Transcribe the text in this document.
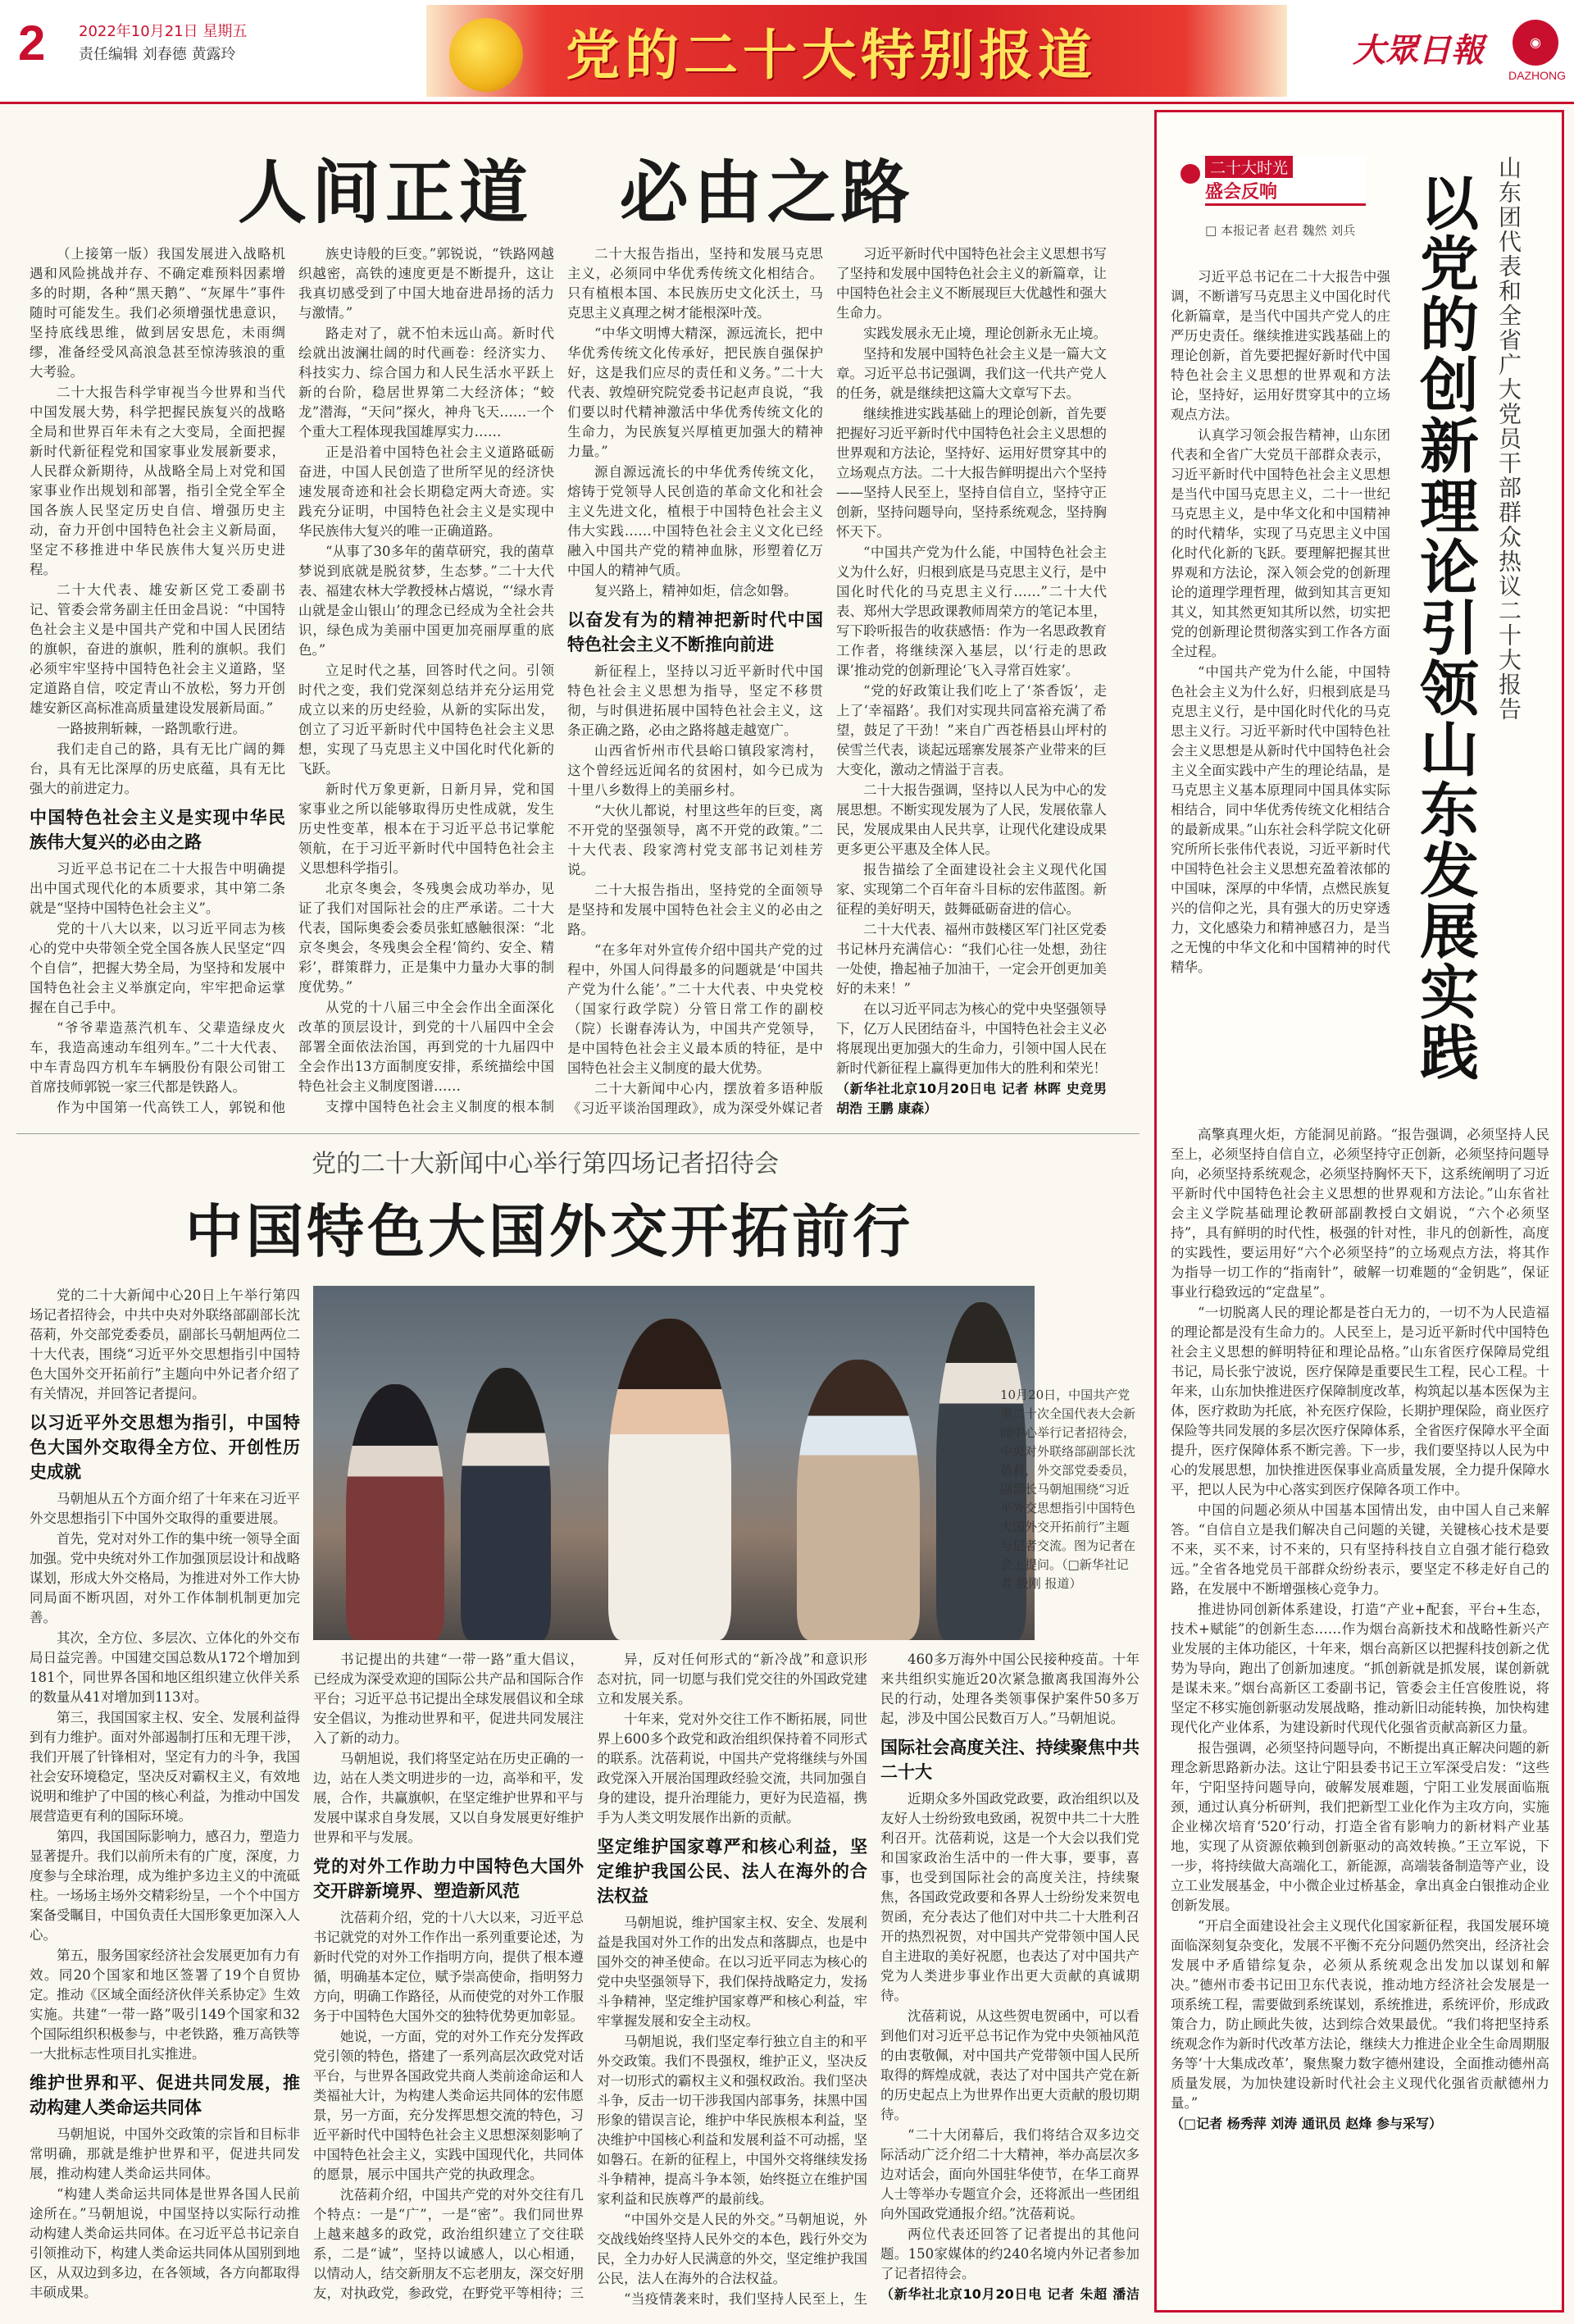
2 2022年10月21日 星期五
责任编辑 刘春德 黄露玲	党的二十大特别报道	大眾日報	◉
DAZHONG
人间正道   必由之路

（上接第一版）我国发展进入战略机遇和风险挑战并存、不确定难预料因素增多的时期，各种“黑天鹅”、“灰犀牛”事件随时可能发生。我们必须增强忧患意识，坚持底线思维，做到居安思危，未雨绸缪，准备经受风高浪急甚至惊涛骇浪的重大考验。

二十大报告科学审视当今世界和当代中国发展大势，科学把握民族复兴的战略全局和世界百年未有之大变局，全面把握新时代新征程党和国家事业发展新要求，人民群众新期待，从战略全局上对党和国家事业作出规划和部署，指引全党全军全国各族人民坚定历史自信、增强历史主动，奋力开创中国特色社会主义新局面，坚定不移推进中华民族伟大复兴历史进程。

二十大代表、雄安新区党工委副书记、管委会常务副主任田金昌说：“中国特色社会主义是中国共产党和中国人民团结的旗帜，奋进的旗帜，胜利的旗帜。我们必须牢牢坚持中国特色社会主义道路，坚定道路自信，咬定青山不放松，努力开创雄安新区高标准高质量建设发展新局面。”

一路披荆斩棘，一路凯歌行进。

我们走自己的路，具有无比广阔的舞台，具有无比深厚的历史底蕴，具有无比强大的前进定力。

中国特色社会主义是实现中华民族伟大复兴的必由之路

习近平总书记在二十大报告中明确提出中国式现代化的本质要求，其中第二条就是“坚持中国特色社会主义”。

党的十八大以来，以习近平同志为核心的党中央带领全党全国各族人民坚定“四个自信”，把握大势全局，为坚持和发展中国特色社会主义举旗定向，牢牢把命运掌握在自己手中。

“爷爷辈造蒸汽机车、父辈造绿皮火车，我造高速动车组列车。”二十大代表、中车青岛四方机车车辆股份有限公司钳工首席技师郭锐一家三代都是铁路人。

作为中国第一代高铁工人，郭锐和他

族史诗般的巨变。”郭锐说，“铁路网越织越密，高铁的速度更是不断提升，这让我真切感受到了中国大地奋进昂扬的活力与激情。”

路走对了，就不怕未远山高。新时代绘就出波澜壮阔的时代画卷：经济实力、科技实力、综合国力和人民生活水平跃上新的台阶，稳居世界第二大经济体；“蛟龙”潜海，“天问”探火，神舟飞天……一个个重大工程体现我国雄厚实力……

正是沿着中国特色社会主义道路砥砺奋进，中国人民创造了世所罕见的经济快速发展奇迹和社会长期稳定两大奇迹。实践充分证明，中国特色社会主义是实现中华民族伟大复兴的唯一正确道路。

“从事了30多年的菌草研究，我的菌草梦说到底就是脱贫梦，生态梦。”二十大代表、福建农林大学教授林占熺说，“‘绿水青山就是金山银山’的理念已经成为全社会共识，绿色成为美丽中国更加亮丽厚重的底色。”

立足时代之基，回答时代之问。引领时代之变，我们党深刻总结并充分运用党成立以来的历史经验，从新的实际出发，创立了习近平新时代中国特色社会主义思想，实现了马克思主义中国化时代化新的飞跃。

新时代万象更新，日新月异，党和国家事业之所以能够取得历史性成就，发生历史性变革，根本在于习近平总书记掌舵领航，在于习近平新时代中国特色社会主义思想科学指引。

北京冬奥会，冬残奥会成功举办，见证了我们对国际社会的庄严承诺。二十大代表，国际奥委会委员张虹感触很深：“北京冬奥会，冬残奥会全程‘简约、安全、精彩’，群策群力，正是集中力量办大事的制度优势。”

从党的十八届三中全会作出全面深化改革的顶层设计，到党的十八届四中全会部署全面依法治国，再到党的十九届四中全会作出13方面制度安排，系统描绘中国特色社会主义制度图谱……

支撑中国特色社会主义制度的根本制

二十大报告指出，坚持和发展马克思主义，必须同中华优秀传统文化相结合。只有植根本国、本民族历史文化沃土，马克思主义真理之树才能根深叶茂。

“中华文明博大精深，源远流长，把中华优秀传统文化传承好，把民族自强保护好，这是我们应尽的责任和义务。”二十大代表、敦煌研究院党委书记赵声良说，“我们要以时代精神激活中华优秀传统文化的生命力，为民族复兴厚植更加强大的精神力量。”

源自源远流长的中华优秀传统文化，熔铸于党领导人民创造的革命文化和社会主义先进文化，植根于中国特色社会主义伟大实践……中国特色社会主义文化已经融入中国共产党的精神血脉，形塑着亿万中国人的精神气质。

复兴路上，精神如炬，信念如磐。

以奋发有为的精神把新时代中国特色社会主义不断推向前进

新征程上，坚持以习近平新时代中国特色社会主义思想为指导，坚定不移贯彻，与时俱进拓展中国特色社会主义，这条正确之路，必由之路将越走越宽广。

山西省忻州市代县峪口镇段家湾村，这个曾经远近闻名的贫困村，如今已成为十里八乡数得上的美丽乡村。

“大伙儿都说，村里这些年的巨变，离不开党的坚强领导，离不开党的政策。”二十大代表、段家湾村党支部书记刘桂芳说。

二十大报告指出，坚持党的全面领导是坚持和发展中国特色社会主义的必由之路。

“在多年对外宣传介绍中国共产党的过程中，外国人问得最多的问题就是‘中国共产党为什么能’。”二十大代表、中央党校（国家行政学院）分管日常工作的副校（院）长谢春涛认为，中国共产党领导，是中国特色社会主义最本质的特征，是中国特色社会主义制度的最大优势。

二十大新闻中心内，摆放着多语种版《习近平谈治国理政》，成为深受外媒记者

习近平新时代中国特色社会主义思想书写了坚持和发展中国特色社会主义的新篇章，让中国特色社会主义不断展现巨大优越性和强大生命力。

实践发展永无止境，理论创新永无止境。

坚持和发展中国特色社会主义是一篇大文章。习近平总书记强调，我们这一代共产党人的任务，就是继续把这篇大文章写下去。

继续推进实践基础上的理论创新，首先要把握好习近平新时代中国特色社会主义思想的世界观和方法论，坚持好、运用好贯穿其中的立场观点方法。二十大报告鲜明提出六个坚持——坚持人民至上，坚持自信自立，坚持守正创新，坚持问题导向，坚持系统观念，坚持胸怀天下。

“中国共产党为什么能，中国特色社会主义为什么好，归根到底是马克思主义行，是中国化时代化的马克思主义行……”二十大代表、郑州大学思政课教师周荣方的笔记本里，写下聆听报告的收获感悟：作为一名思政教育工作者，将继续深入基层，以‘行走的思政课’推动党的创新理论‘飞入寻常百姓家’。

“党的好政策让我们吃上了‘茶香饭’，走上了‘幸福路’。我们对实现共同富裕充满了希望，鼓足了干劲！”来自广西苍梧县山坪村的侯雪兰代表，谈起远瑶寨发展茶产业带来的巨大变化，激动之情溢于言表。

二十大报告强调，坚持以人民为中心的发展思想。不断实现发展为了人民，发展依靠人民，发展成果由人民共享，让现代化建设成果更多更公平惠及全体人民。

报告描绘了全面建设社会主义现代化国家、实现第二个百年奋斗目标的宏伟蓝图。新征程的美好明天，鼓舞砥砺奋进的信心。

二十大代表、福州市鼓楼区军门社区党委书记林丹充满信心：“我们心往一处想，劲往一处使，撸起袖子加油干，一定会开创更加美好的未来！”

在以习近平同志为核心的党中央坚强领导下，亿万人民团结奋斗，中国特色社会主义必将展现出更加强大的生命力，引领中国人民在新时代新征程上赢得更加伟大的胜利和荣光！

（新华社北京10月20日电 记者 林晖 史竞男 胡浩 王鹏 康森）
党的二十大新闻中心举行第四场记者招待会
中国特色大国外交开拓前行

党的二十大新闻中心20日上午举行第四场记者招待会，中共中央对外联络部副部长沈蓓莉，外交部党委委员，副部长马朝旭两位二十大代表，围绕“习近平外交思想指引中国特色大国外交开拓前行”主题向中外记者介绍了有关情况，并回答记者提问。

以习近平外交思想为指引，中国特色大国外交取得全方位、开创性历史成就

马朝旭从五个方面介绍了十年来在习近平外交思想指引下中国外交取得的重要进展。

首先，党对对外工作的集中统一领导全面加强。党中央统对外工作加强顶层设计和战略谋划，形成大外交格局，为推进对外工作大协同局面不断巩固，对外工作体制机制更加完善。

其次，全方位、多层次、立体化的外交布局日益完善。中国建交国总数从172个增加到181个，同世界各国和地区组织建立伙伴关系的数量从41对增加到113对。

第三，我国国家主权、安全、发展利益得到有力维护。面对外部遏制打压和无理干涉，我们开展了针锋相对，坚定有力的斗争，我国社会安环境稳定，坚决反对霸权主义，有效地说明和维护了中国的核心利益，为推动中国发展营造更有利的国际环境。

第四，我国国际影响力，感召力，塑造力显著提升。我们以前所未有的广度，深度，力度参与全球治理，成为维护多边主义的中流砥柱。一场场主场外交精彩纷呈，一个个中国方案备受瞩目，中国负责任大国形象更加深入人心。

第五，服务国家经济社会发展更加有力有效。同20个国家和地区签署了19个自贸协定。推动《区域全面经济伙伴关系协定》生效实施。共建“一带一路”吸引149个国家和32个国际组织积极参与，中老铁路，雅万高铁等一大批标志性项目扎实推进。

维护世界和平、促进共同发展，推动构建人类命运共同体

马朝旭说，中国外交政策的宗旨和目标非常明确，那就是维护世界和平，促进共同发展，推动构建人类命运共同体。

“构建人类命运共同体是世界各国人民前途所在。”马朝旭说，中国坚持以实际行动推动构建人类命运共同体。在习近平总书记亲自引领推动下，构建人类命运共同体从国别到地区，从双边到多边，在各领域，各方向都取得丰硕成果。

10月20日，中国共产党第二十次全国代表大会新闻中心举行记者招待会，中央对外联络部副部长沈蓓莉，外交部党委委员，副部长马朝旭围绕“习近平外交思想指引中国特色大国外交开拓前行”主题与记者交流。图为记者在会上提问。（□新华社记者 殷刚 报道）

书记提出的共建“一带一路”重大倡议，已经成为深受欢迎的国际公共产品和国际合作平台；习近平总书记提出全球发展倡议和全球安全倡议，为推动世界和平，促进共同发展注入了新的动力。

马朝旭说，我们将坚定站在历史正确的一边，站在人类文明进步的一边，高举和平，发展，合作，共赢旗帜，在坚定维护世界和平与发展中谋求自身发展，又以自身发展更好维护世界和平与发展。

党的对外工作助力中国特色大国外交开辟新境界、塑造新风范

沈蓓莉介绍，党的十八大以来，习近平总书记就党的对外工作作出一系列重要论述，为新时代党的对外工作指明方向，提供了根本遵循，明确基本定位，赋予崇高使命，指明努力方向，明确工作路径，从而使党的对外工作服务于中国特色大国外交的独特优势更加彰显。

她说，一方面，党的对外工作充分发挥政党引领的特色，搭建了一系列高层次政党对话平台，与世界各国政党共商人类前途命运和人类福祉大计，为构建人类命运共同体的宏伟愿景，另一方面，充分发挥思想交流的特色，习近平新时代中国特色社会主义思想深刻影响了中国特色社会主义，实践中国现代化，共同体的愿景，展示中国共产党的执政理念。

沈蓓莉介绍，中国共产党的对外交往有几个特点：一是“广”，一是“密”。我们同世界上越来越多的政党，政治组织建立了交往联系，二是“诚”，坚持以诚感人，以心相通，以情动人，结交新朋友不忘老朋友，深交好朋友，对执政党，参政党，在野党平等相待；三

异，反对任何形式的“新冷战”和意识形态对抗，同一切愿与我们党交往的外国政党建立和发展关系。

十年来，党对外交往工作不断拓展，同世界上600多个政党和政治组织保持着不同形式的联系。沈蓓莉说，中国共产党将继续与外国政党深入开展治国理政经验交流，共同加强自身的建设，提升治理能力，更好为民造福，携手为人类文明发展作出新的贡献。

坚定维护国家尊严和核心利益，坚定维护我国公民、法人在海外的合法权益

马朝旭说，维护国家主权、安全、发展利益是我国对外工作的出发点和落脚点，也是中国外交的神圣使命。在以习近平同志为核心的党中央坚强领导下，我们保持战略定力，发扬斗争精神，坚定维护国家尊严和核心利益，牢牢掌握发展和安全主动权。

马朝旭说，我们坚定奉行独立自主的和平外交政策。我们不畏强权，维护正义，坚决反对一切形式的霸权主义和强权政治。我们坚决斗争，反击一切干涉我国内部事务，抹黑中国形象的错误言论，维护中华民族根本利益，坚决维护中国核心利益和发展利益不可动摇，坚如磐石。在新的征程上，中国外交将继续发扬斗争精神，提高斗争本领，始终挺立在维护国家利益和民族尊严的最前线。

“中国外交是人民的外交。”马朝旭说，外交战线始终坚持人民外交的本色，践行外交为民，全力办好人民满意的外交，坚定维护我国公民，法人在海外的合法权益。

“当疫情袭来时，我们坚持人民至上，生

460多万海外中国公民接种疫苗。十年来共组织实施近20次紧急撤离我国海外公民的行动，处理各类领事保护案件50多万起，涉及中国公民数百万人。”马朝旭说。

国际社会高度关注、持续聚焦中共二十大

近期众多外国政党政要，政治组织以及友好人士纷纷致电致函，祝贺中共二十大胜利召开。沈蓓莉说，这是一个大会以我们党和国家政治生活中的一件大事，要事，喜事，也受到国际社会的高度关注，持续聚焦，各国政党政要和各界人士纷纷发来贺电贺函，充分表达了他们对中共二十大胜利召开的热烈祝贺，对中国共产党带领中国人民自主进取的美好祝愿，也表达了对中国共产党为人类进步事业作出更大贡献的真诚期待。

沈蓓莉说，从这些贺电贺函中，可以看到他们对习近平总书记作为党中央领袖风范的由衷敬佩，对中国共产党带领中国人民所取得的辉煌成就，表达了对中国共产党在新的历史起点上为世界作出更大贡献的殷切期待。

“二十大闭幕后，我们将结合双多边交际活动广泛介绍二十大精神，举办高层次多边对话会，面向外国驻华使节，在华工商界人士等举办专题宣介会，还将派出一些团组向外国政党通报介绍。”沈蓓莉说。

两位代表还回答了记者提出的其他问题。150家媒体的约240名境内外记者参加了记者招待会。

（新华社北京10月20日电 记者 朱超 潘洁
二十大时光
盛会反响	山东团代表和全省广大党员干部群众热议二十大报告
以党的创新理论引领山东发展实践
□ 本报记者 赵君 魏然 刘兵

习近平总书记在二十大报告中强调，不断谱写马克思主义中国化时代化新篇章，是当代中国共产党人的庄严历史责任。继续推进实践基础上的理论创新，首先要把握好新时代中国特色社会主义思想的世界观和方法论，坚持好，运用好贯穿其中的立场观点方法。

认真学习领会报告精神，山东团代表和全省广大党员干部群众表示，习近平新时代中国特色社会主义思想是当代中国马克思主义，二十一世纪马克思主义，是中华文化和中国精神的时代精华，实现了马克思主义中国化时代化新的飞跃。要理解把握其世界观和方法论，深入领会党的创新理论的道理学理哲理，做到知其言更知其义，知其然更知其所以然，切实把党的创新理论贯彻落实到工作各方面全过程。

“中国共产党为什么能，中国特色社会主义为什么好，归根到底是马克思主义行，是中国化时代化的马克思主义行。习近平新时代中国特色社会主义思想是从新时代中国特色社会主义全面实践中产生的理论结晶，是马克思主义基本原理同中国具体实际相结合，同中华优秀传统文化相结合的最新成果。”山东社会科学院文化研究所所长张伟代表说，习近平新时代中国特色社会主义思想充盈着浓郁的中国味，深厚的中华情，点燃民族复兴的信仰之光，具有强大的历史穿透力，文化感染力和精神感召力，是当之无愧的中华文化和中国精神的时代精华。

高擎真理火炬，方能洞见前路。“报告强调，必须坚持人民至上，必须坚持自信自立，必须坚持守正创新，必须坚持问题导向，必须坚持系统观念，必须坚持胸怀天下，这系统阐明了习近平新时代中国特色社会主义思想的世界观和方法论。”山东省社会主义学院基础理论教研部副教授白文娟说，“六个必须坚持”，具有鲜明的时代性，极强的针对性，非凡的创新性，高度的实践性，要运用好“六个必须坚持”的立场观点方法，将其作为指导一切工作的“指南针”，破解一切难题的“金钥匙”，保证事业行稳致远的“定盘星”。

“一切脱离人民的理论都是苍白无力的，一切不为人民造福的理论都是没有生命力的。人民至上，是习近平新时代中国特色社会主义思想的鲜明特征和理论品格。”山东省医疗保障局党组书记，局长张宁波说，医疗保障是重要民生工程，民心工程。十年来，山东加快推进医疗保障制度改革，构筑起以基本医保为主体，医疗救助为托底，补充医疗保险，长期护理保险，商业医疗保险等共同发展的多层次医疗保障体系，全省医疗保障水平全面提升，医疗保障体系不断完善。下一步，我们要坚持以人民为中心的发展思想，加快推进医保事业高质量发展，全力提升保障水平，把以人民为中心落实到医疗保障各项工作中。

中国的问题必须从中国基本国情出发，由中国人自己来解答。“自信自立是我们解决自己问题的关键，关键核心技术是要不来，买不来，讨不来的，只有坚持科技自立自强才能行稳致远。”全省各地党员干部群众纷纷表示，要坚定不移走好自己的路，在发展中不断增强核心竞争力。

推进协同创新体系建设，打造“产业+配套，平台+生态，技术+赋能”的创新生态……作为烟台高新技术和战略性新兴产业发展的主体功能区，十年来，烟台高新区以把握科技创新之优势为导向，跑出了创新加速度。“抓创新就是抓发展，谋创新就是谋未来。”烟台高新区工委副书记，管委会主任宫俊胜说，将坚定不移实施创新驱动发展战略，推动新旧动能转换，加快构建现代化产业体系，为建设新时代现代化强省贡献高新区力量。

报告强调，必须坚持问题导向，不断提出真正解决问题的新理念新思路新办法。这让宁阳县委书记王立军深受启发：“这些年，宁阳坚持问题导向，破解发展难题，宁阳工业发展面临瓶颈，通过认真分析研判，我们把新型工业化作为主攻方向，实施企业梯次培育‘520’行动，打造全省有影响力的新材料产业基地，实现了从资源依赖到创新驱动的高效转换。”王立军说，下一步，将持续做大高端化工，新能源，高端装备制造等产业，设立工业发展基金，中小微企业过桥基金，拿出真金白银推动企业创新发展。

“开启全面建设社会主义现代化国家新征程，我国发展环境面临深刻复杂变化，发展不平衡不充分问题仍然突出，经济社会发展中矛盾错综复杂，必须从系统观念出发加以谋划和解决。”德州市委书记田卫东代表说，推动地方经济社会发展是一项系统工程，需要做到系统谋划，系统推进，系统评价，形成政策合力，防止顾此失彼，达到综合效果最优。“我们将把坚持系统观念作为新时代改革方法论，继续大力推进企业全生命周期服务等‘十大集成改革’，聚焦聚力数字德州建设，全面推动德州高质量发展，为加快建设新时代社会主义现代化强省贡献德州力量。”

（□记者 杨秀萍 刘涛 通讯员 赵烽 参与采写）
